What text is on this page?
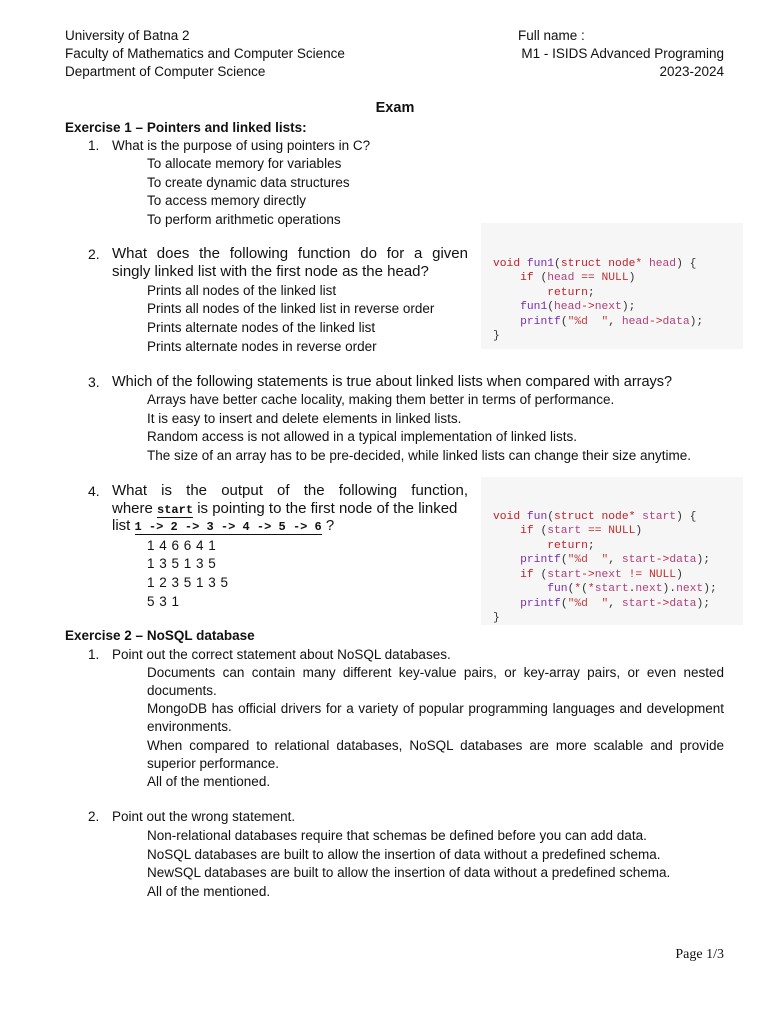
University of Batna 2
Faculty of Mathematics and Computer Science
Department of Computer Science
Full name :
M1 - ISIDS Advanced Programing
2023-2024
Exam
Exercise 1 – Pointers and linked lists:
1. What is the purpose of using pointers in C?
To allocate memory for variables
To create dynamic data structures
To access memory directly
To perform arithmetic operations
2. What does the following function do for a given
singly linked list with the first node as the head?
Prints all nodes of the linked list
Prints all nodes of the linked list in reverse order
Prints alternate nodes of the linked list
Prints alternate nodes in reverse order

void fun1(struct node* head) {
if (head == NULL)
return;
fun1(head->next);
printf("%d  ", head->data);
}

3. Which of the following statements is true about linked lists when compared with arrays?
Arrays have better cache locality, making them better in terms of performance.
It is easy to insert and delete elements in linked lists.
Random access is not allowed in a typical implementation of linked lists.
The size of an array has to be pre-decided, while linked lists can change their size anytime.
4. What is the output of the following function,
where start is pointing to the first node of the linked
list 1 -> 2 -> 3 -> 4 -> 5 -> 6 ?
1 4 6 6 4 1
1 3 5 1 3 5
1 2 3 5 1 3 5
5 3 1

void fun(struct node* start) {
if (start == NULL)
return;
printf("%d  ", start->data);
if (start->next != NULL)
fun(*(*start.next).next);
printf("%d  ", start->data);
}

Exercise 2 – NoSQL database
1. Point out the correct statement about NoSQL databases.
Documents can contain many different key-value pairs, or key-array pairs, or even nested documents.
MongoDB has official drivers for a variety of popular programming languages and development environments.
When compared to relational databases, NoSQL databases are more scalable and provide superior performance.
All of the mentioned.
2. Point out the wrong statement.
Non-relational databases require that schemas be defined before you can add data.
NoSQL databases are built to allow the insertion of data without a predefined schema.
NewSQL databases are built to allow the insertion of data without a predefined schema.
All of the mentioned.
Page 1/3
